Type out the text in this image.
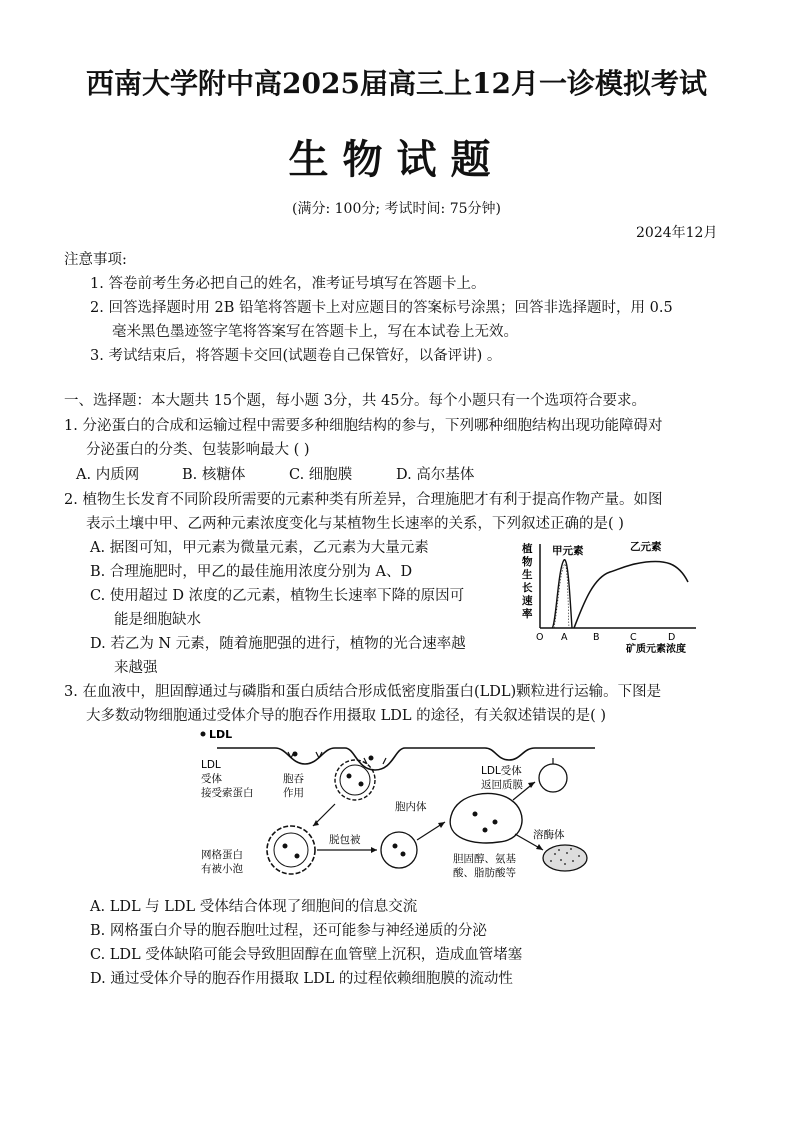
西南大学附中高2025届高三上12月一诊模拟考试
生物试题
(满分: 100分; 考试时间: 75分钟)
2024年12月
注意事项:
1. 答卷前考生务必把自己的姓名，准考证号填写在答题卡上。
2. 回答选择题时用 2B 铅笔将答题卡上对应题目的答案标号涂黑；回答非选择题时，用 0.5
毫米黑色墨迹签字笔将答案写在答题卡上，写在本试卷上无效。
3. 考试结束后，将答题卡交回(试题卷自己保管好，以备评讲) 。
一、选择题：本大题共 15个题，每小题 3分，共 45分。每个小题只有一个选项符合要求。
1. 分泌蛋白的合成和运输过程中需要多种细胞结构的参与，下列哪种细胞结构出现功能障碍对
分泌蛋白的分类、包装影响最大 ( )
A. 内质网	B. 核糖体	C. 细胞膜	D. 高尔基体
2. 植物生长发育不同阶段所需要的元素种类有所差异，合理施肥才有利于提高作物产量。如图
表示土壤中甲、乙两种元素浓度变化与某植物生长速率的关系，下列叙述正确的是( )
A. 据图可知，甲元素为微量元素，乙元素为大量元素
B. 合理施肥时，甲乙的最佳施用浓度分别为 A、D
C. 使用超过 D 浓度的乙元素，植物生长速率下降的原因可
能是细胞缺水
D. 若乙为 N 元素，随着施肥强的进行，植物的光合速率越
来越强
植
物
生
长
速
率
甲元素	乙元素
O A	B	C	D
矿质元素浓度
3. 在血液中，胆固醇通过与磷脂和蛋白质结合形成低密度脂蛋白(LDL)颗粒进行运输。下图是
大多数动物细胞通过受体介导的胞吞作用摄取 LDL 的途径，有关叙述错误的是( )
LDL
LDL
受体
接受索蛋白
胞吞
作用
网格蛋白
有被小泡
脱包被
胞内体
LDL受体
返回质膜
溶酶体
胆固醇、氨基
酸、脂肪酸等
A. LDL 与 LDL 受体结合体现了细胞间的信息交流
B. 网格蛋白介导的胞吞胞吐过程，还可能参与神经递质的分泌
C. LDL 受体缺陷可能会导致胆固醇在血管壁上沉积，造成血管堵塞
D. 通过受体介导的胞吞作用摄取 LDL 的过程依赖细胞膜的流动性
